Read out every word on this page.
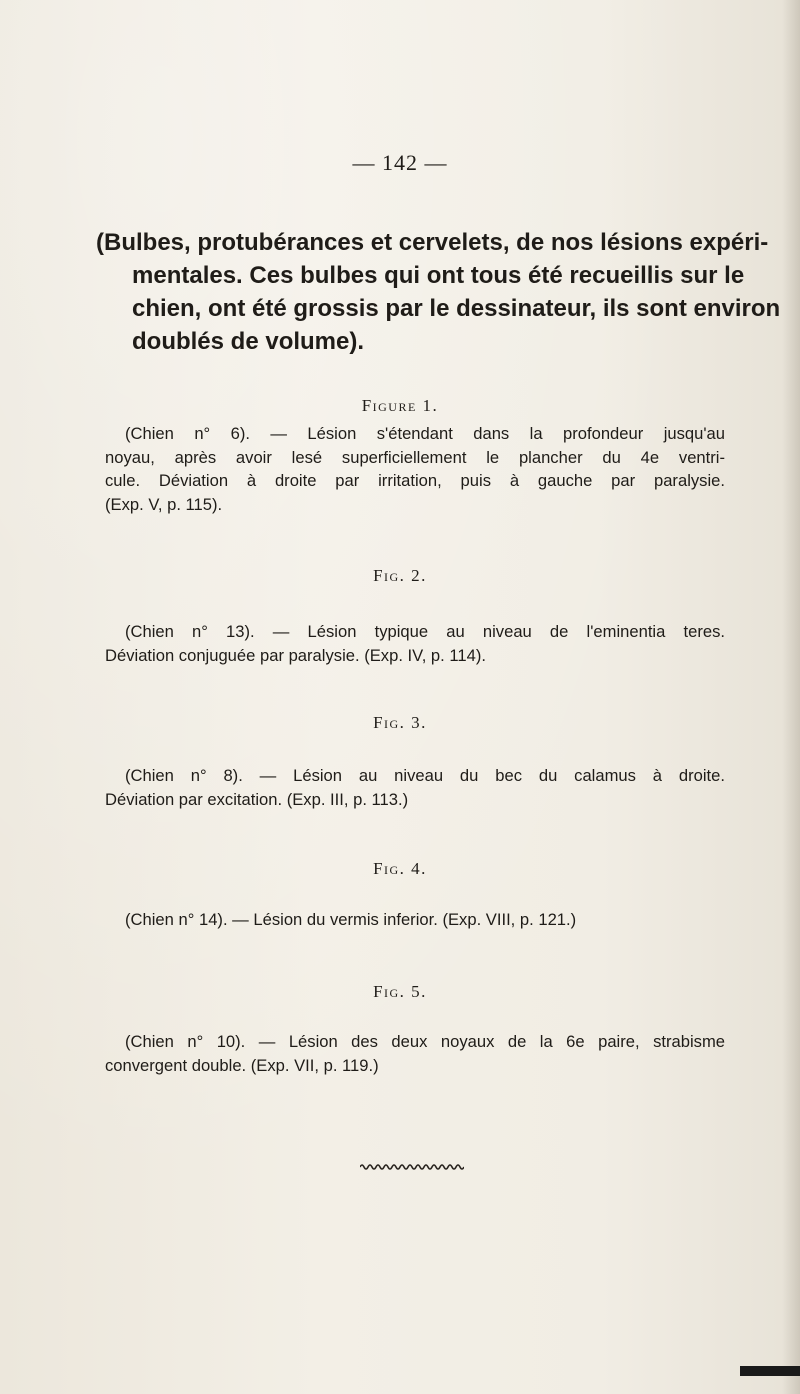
— 142 —

(Bulbes, protubérances et cervelets, de nos lésions expéri-
mentales. Ces bulbes qui ont tous été recueillis sur le
chien, ont été grossis par le dessinateur, ils sont environ
doublés de volume).

Figure 1.

(Chien n° 6). — Lésion s'étendant dans la profondeur jusqu'au
noyau, après avoir lesé superficiellement le plancher du 4e ventri-
cule. Déviation à droite par irritation, puis à gauche par paralysie.
(Exp. V, p. 115).

Fig. 2.

(Chien n° 13). — Lésion typique au niveau de l'eminentia teres.
Déviation conjuguée par paralysie. (Exp. IV, p. 114).

Fig. 3.

(Chien n° 8). — Lésion au niveau du bec du calamus à droite.
Déviation par excitation. (Exp. III, p. 113.)

Fig. 4.

(Chien n° 14). — Lésion du vermis inferior. (Exp. VIII, p. 121.)

Fig. 5.

(Chien n° 10). — Lésion des deux noyaux de la 6e paire, strabisme
convergent double. (Exp. VII, p. 119.)
